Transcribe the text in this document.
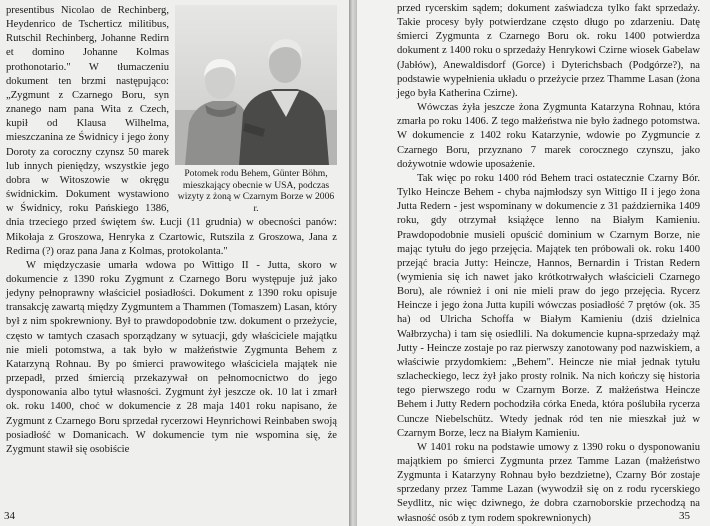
Potomek rodu Behem, Günter Böhm, mieszkający obecnie w USA, podczas wizyty z żoną w Czarnym Borze w 2006 r.

presentibus Nicolao de Rechinberg, Heydenrico de Tscherticz militibus, Rutschil Rechinberg, Johanne Redirn et domino Johanne Kolmas prothonotario." W tłumaczeniu dokument ten brzmi następująco: „Zygmunt z Czarnego Boru, syn znanego nam pana Wita z Czech, kupił od Klausa Wilhelma, mieszczanina ze Świdnicy i jego żony Doroty za coroczny czynsz 50 marek lub innych pieniędzy, wszystkie jego dobra w Witoszowie w okręgu świdnickim. Dokument wystawiono w Świdnicy, roku Pańskiego 1386, dnia trzeciego przed świętem św. Łucji (11 grudnia) w obecności panów: Mikołaja z Groszowa, Henryka z Czartowic, Rutszila z Groszowa, Jana z Redirna (?) oraz pana Jana z Kolmas, protokolanta."

W międzyczasie umarła wdowa po Wittigo II - Jutta, skoro w dokumencie z 1390 roku Zygmunt z Czarnego Boru występuje już jako jedyny pełnoprawny właściciel posiadłości. Dokument z 1390 roku opisuje transakcję zawartą między Zygmuntem a Thammen (Tomaszem) Lasan, który był z nim spokrewniony. Był to prawdopodobnie tzw. dokument o przeżycie, często w tamtych czasach sporządzany w sytuacji, gdy właściciele majątku nie mieli potomstwa, a tak było w małżeństwie Zygmunta Behem z Katarzyną Rohnau. By po śmierci prawowitego właściciela majątek nie przepadł, przed śmiercią przekazywał on pełnomocnictwo do jego dysponowania albo tytuł własności. Zygmunt żył jeszcze ok. 10 lat i zmarł ok. roku 1400, choć w dokumencie z 28 maja 1401 roku napisano, że Zygmunt z Czarnego Boru sprzedał rycerzowi Heynrichowi Reinbaben swoją posiadłość w Domanicach. W dokumencie tym nie wspomina się, że Zygmunt stawił się osobiście

34

przed rycerskim sądem; dokument zaświadcza tylko fakt sprzedaży. Takie procesy były potwierdzane często długo po zdarzeniu. Datę śmierci Zygmunta z Czarnego Boru ok. roku 1400 potwierdza dokument z 1400 roku o sprzedaży Henrykowi Czirne wiosek Gabelaw (Jabłów), Anewaldisdorf (Gorce) i Dyterichsbach (Podgórze?), na podstawie wypełnienia układu o przeżycie przez Thamme Lasan (żona jego była Katherina Czirne).

Wówczas żyła jeszcze żona Zygmunta Katarzyna Rohnau, która zmarła po roku 1406. Z tego małżeństwa nie było żadnego potomstwa. W dokumencie z 1402 roku Katarzynie, wdowie po Zygmuncie z Czarnego Boru, przyznano 7 marek corocznego czynszu, jako dożywotnie wdowie uposażenie.

Tak więc po roku 1400 ród Behem traci ostatecznie Czarny Bór. Tylko Heincze Behem - chyba najmłodszy syn Wittigo II i jego żona Jutta Redern - jest wspominany w dokumencie z 31 października 1409 roku, gdy otrzymał książęce lenno na Białym Kamieniu. Prawdopodobnie musieli opuścić dominium w Czarnym Borze, nie mając tytułu do jego przejęcia. Majątek ten próbowali ok. roku 1400 przejąć bracia Jutty: Heincze, Hannos, Bernardin i Tristan Redern (wymienia się ich nawet jako krótkotrwałych właścicieli Czarnego Boru), ale również i oni nie mieli praw do jego przejęcia. Rycerz Heincze i jego żona Jutta kupili wówczas posiadłość 7 prętów (ok. 35 ha) od Ulricha Schoffa w Białym Kamieniu (dziś dzielnica Wałbrzycha) i tam się osiedlili. Na dokumencie kupna-sprzedaży mąż Jutty - Heincze zostaje po raz pierwszy zanotowany pod nazwiskiem, a właściwie przydomkiem: „Behem". Heincze nie miał jednak tytułu szlacheckiego, lecz żył jako prosty rolnik. Na nich kończy się historia tego pierwszego rodu w Czarnym Borze. Z małżeństwa Heincze Behem i Jutty Redern pochodziła córka Eneda, która poślubiła rycerza Cuncze Niebelschütz. Wtedy jednak ród ten nie mieszkał już w Czarnym Borze, lecz na Białym Kamieniu.

W 1401 roku na podstawie umowy z 1390 roku o dysponowaniu majątkiem po śmierci Zygmunta przez Tamme Lazan (małżeństwo Zygmunta i Katarzyny Rohnau było bezdzietne), Czarny Bór zostaje sprzedany przez Tamme Lazan (wywodził się on z rodu rycerskiego Seydlitz, nic więc dziwnego, że dobra czarnoborskie przechodzą na własność osób z tym rodem spokrewnionych)	35
